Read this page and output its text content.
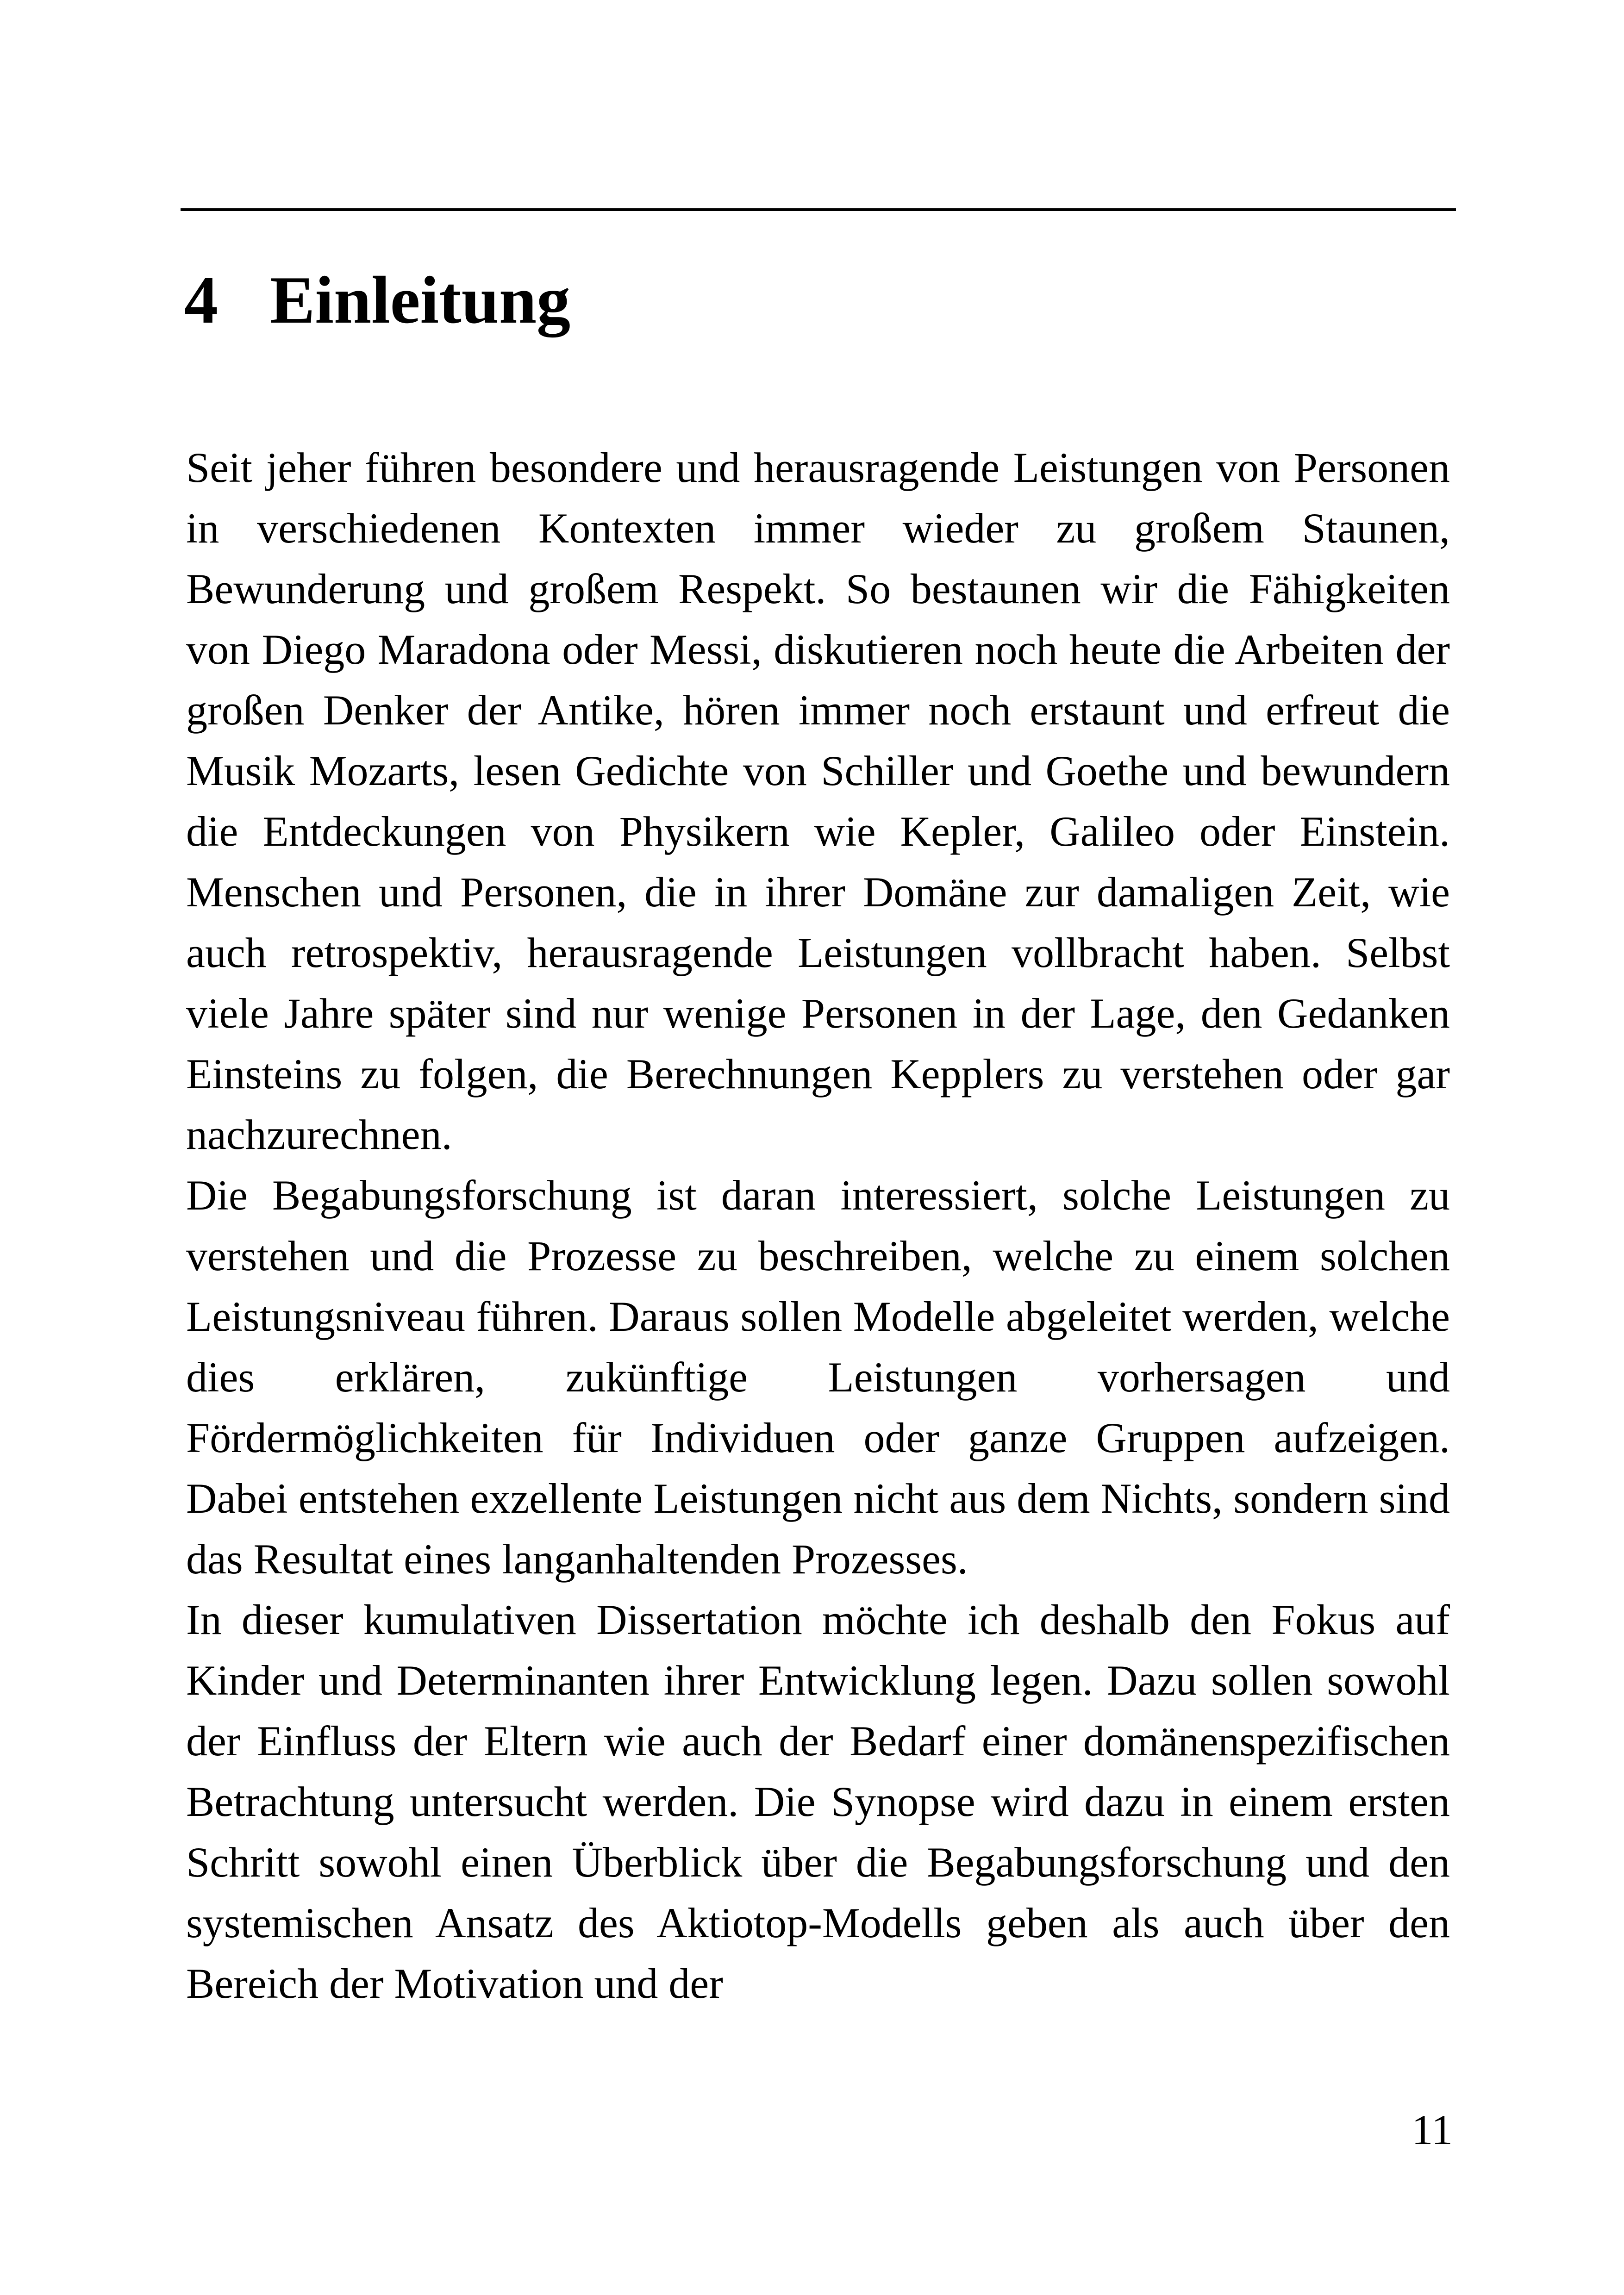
4 Einleitung

Seit jeher führen besondere und herausragende Leistungen von Personen in verschiedenen Kontexten immer wieder zu großem Staunen, Bewunderung und großem Respekt. So bestaunen wir die Fähigkeiten von Diego Maradona oder Messi, diskutieren noch heute die Arbeiten der großen Denker der Antike, hören immer noch erstaunt und erfreut die Musik Mozarts, lesen Gedichte von Schiller und Goethe und bewundern die Entdeckungen von Physikern wie Kepler, Galileo oder Einstein. Menschen und Personen, die in ihrer Domäne zur damaligen Zeit, wie auch retrospektiv, herausragende Leistungen vollbracht haben. Selbst viele Jahre später sind nur wenige Personen in der Lage, den Gedanken Einsteins zu folgen, die Berechnungen Kepplers zu verstehen oder gar nachzurechnen.

Die Begabungsforschung ist daran interessiert, solche Leistungen zu verstehen und die Prozesse zu beschreiben, welche zu einem solchen Leistungsniveau führen. Daraus sollen Modelle abgeleitet werden, welche dies erklären, zukünftige Leistungen vorhersagen und Fördermöglichkeiten für Individuen oder ganze Gruppen aufzeigen. Dabei entstehen exzellente Leistungen nicht aus dem Nichts, sondern sind das Resultat eines langanhaltenden Prozesses.

In dieser kumulativen Dissertation möchte ich deshalb den Fokus auf Kinder und Determinanten ihrer Entwicklung legen. Dazu sollen sowohl der Einfluss der Eltern wie auch der Bedarf einer domänenspezifischen Betrachtung untersucht werden. Die Synopse wird dazu in einem ersten Schritt sowohl einen Überblick über die Begabungsforschung und den systemischen Ansatz des Aktiotop-Modells geben als auch über den Bereich der Motivation und der

11
